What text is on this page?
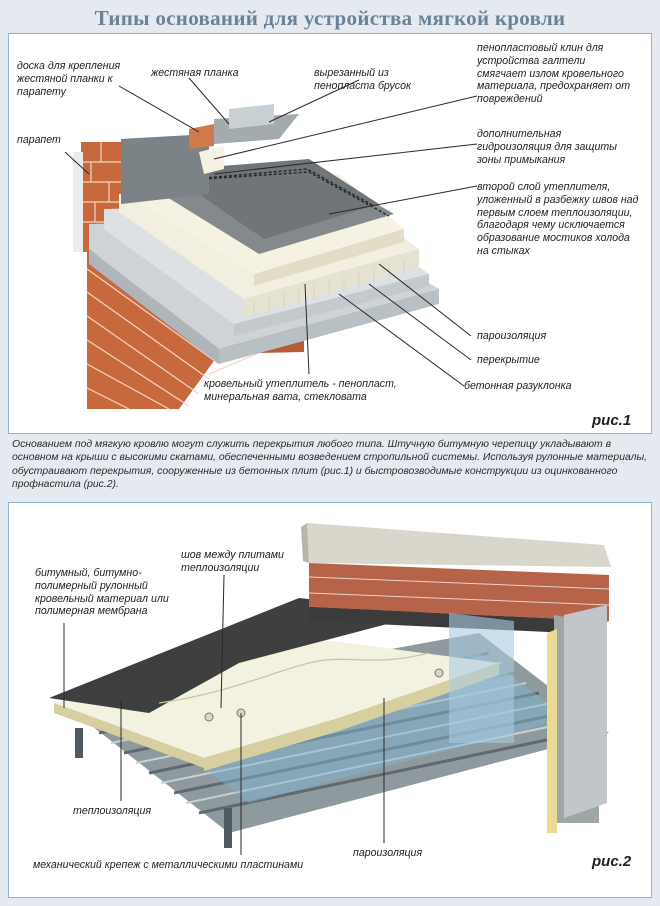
Типы оснований для устройства мягкой кровли
доска для крепления жестяной планки к парапету
жестяная планка	вырезанный из пенопласта брусок
парапет
пенопластовый клин для устройства галтели смягчает излом кровельного материала, предохраняет от повреждений
дополнительная гидроизоляция для защиты зоны примыкания
второй слой утеплителя, уложенный в разбежку швов над первым слоем теплоизоляции, благодаря чему исключается образование мостиков холода на стыках
пароизоляция
перекрытие
бетонная разуклонка
кровельный утеплитель - пенопласт, минеральная вата, стекловата
рис.1
Основанием под мягкую кровлю могут служить перекрытия любого типа. Штучную битумную черепицу укладывают в основном на крыши с высокими скатами, обеспеченными возведением стропильной системы. Используя рулонные материалы, обустраивают перекрытия, сооруженные из бетонных плит (рис.1) и быстровозводимые конструкции из оцинкованного профнастила (рис.2).
битумный, битумно-полимерный рулонный кровельный материал или полимерная мембрана
шов между плитами теплоизоляции
теплоизоляция
механический крепеж с металлическими пластинами
пароизоляция	рис.2
